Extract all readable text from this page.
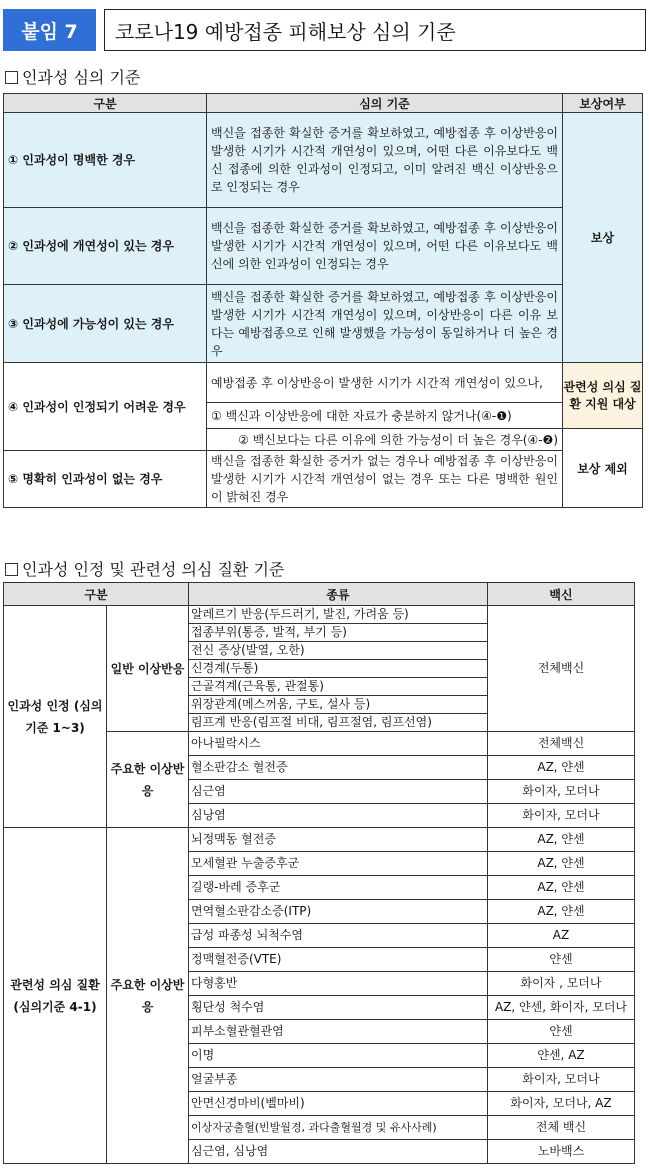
붙임 7	코로나19 예방접종 피해보상 심의 기준
인과성 심의 기준
구분	심의 기준	보상여부
① 인과성이 명백한 경우	백신을 접종한 확실한 증거를 확보하였고, 예방접종 후 이상반응이 발생한 시기가 시간적 개연성이 있으며, 어떤 다른 이유보다도 백신 접종에 의한 인과성이 인정되고, 이미 알려진 백신 이상반응으로 인정되는 경우	보상
② 인과성에 개연성이 있는 경우	백신을 접종한 확실한 증거를 확보하였고, 예방접종 후 이상반응이 발생한 시기가 시간적 개연성이 있으며, 어떤 다른 이유보다도 백신에 의한 인과성이 인정되는 경우	
③ 인과성에 가능성이 있는 경우	백신을 접종한 확실한 증거를 확보하였고, 예방접종 후 이상반응이 발생한 시기가 시간적 개연성이 있으며, 이상반응이 다른 이유 보다는 예방접종으로 인해 발생했을 가능성이 동일하거나 더 높은 경우	
④ 인과성이 인정되기 어려운 경우	예방접종 후 이상반응이 발생한 시기가 시간적 개연성이 있으나,	관련성 의심 질환 지원 대상
	① 백신과 이상반응에 대한 자료가 충분하지 않거나(④-❶)	
	② 백신보다는 다른 이유에 의한 가능성이 더 높은 경우(④-❷)	보상 제외
⑤ 명확히 인과성이 없는 경우	백신을 접종한 확실한 증거가 없는 경우나 예방접종 후 이상반응이 발생한 시기가 시간적 개연성이 없는 경우 또는 다른 명백한 원인이 밝혀진 경우	
인과성 인정 및 관련성 의심 질환 기준
구분		종류	백신
인과성 인정 (심의기준 1~3)	일반 이상반응	알레르기 반응(두드러기, 발진, 가려움 등)	전체백신
		접종부위(통증, 발적, 부기 등)	
		전신 증상(발열, 오한)	
		신경계(두통)	
		근골격계(근육통, 관절통)	
		위장관계(메스꺼움, 구토, 설사 등)	
		림프계 반응(림프절 비대, 림프절염, 림프선염)	
	주요한 이상반응	아나필락시스	전체백신
		혈소판감소 혈전증	AZ, 얀센
		심근염	화이자, 모더나
		심낭염	화이자, 모더나
관련성 의심 질환 (심의기준 4-1)	주요한 이상반응	뇌정맥동 혈전증	AZ, 얀센
		모세혈관 누출증후군	AZ, 얀센
		길랭-바레 증후군	AZ, 얀센
		면역혈소판감소증(ITP)	AZ, 얀센
		급성 파종성 뇌척수염	AZ
		정맥혈전증(VTE)	얀센
		다형홍반	화이자 , 모더나
		횡단성 척수염	AZ, 얀센, 화이자, 모더나
		피부소혈관혈관염	얀센
		이명	얀센, AZ
		얼굴부종	화이자, 모더나
		안면신경마비(벨마비)	화이자, 모더나, AZ
		이상자궁출혈(빈발월경, 과다출혈월경 및 유사사례)	전체 백신
		심근염, 심낭염	노바백스
